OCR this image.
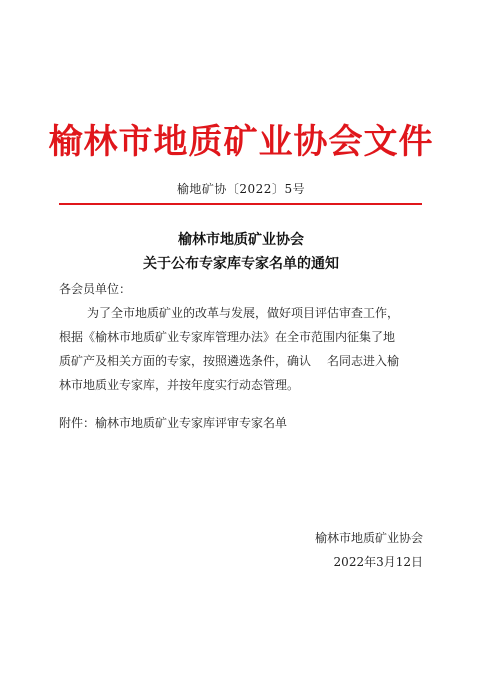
榆林市地质矿业协会文件
榆地矿协〔2022〕5号
榆林市地质矿业协会
关于公布专家库专家名单的通知
各会员单位：
为了全市地质矿业的改革与发展，做好项目评估审查工作，
根据《榆林市地质矿业专家库管理办法》在全市范围内征集了地
质矿产及相关方面的专家，按照遴选条件，确认 名同志进入榆
林市地质业专家库，并按年度实行动态管理。
附件：榆林市地质矿业专家库评审专家名单
榆林市地质矿业协会
2022年3月12日
